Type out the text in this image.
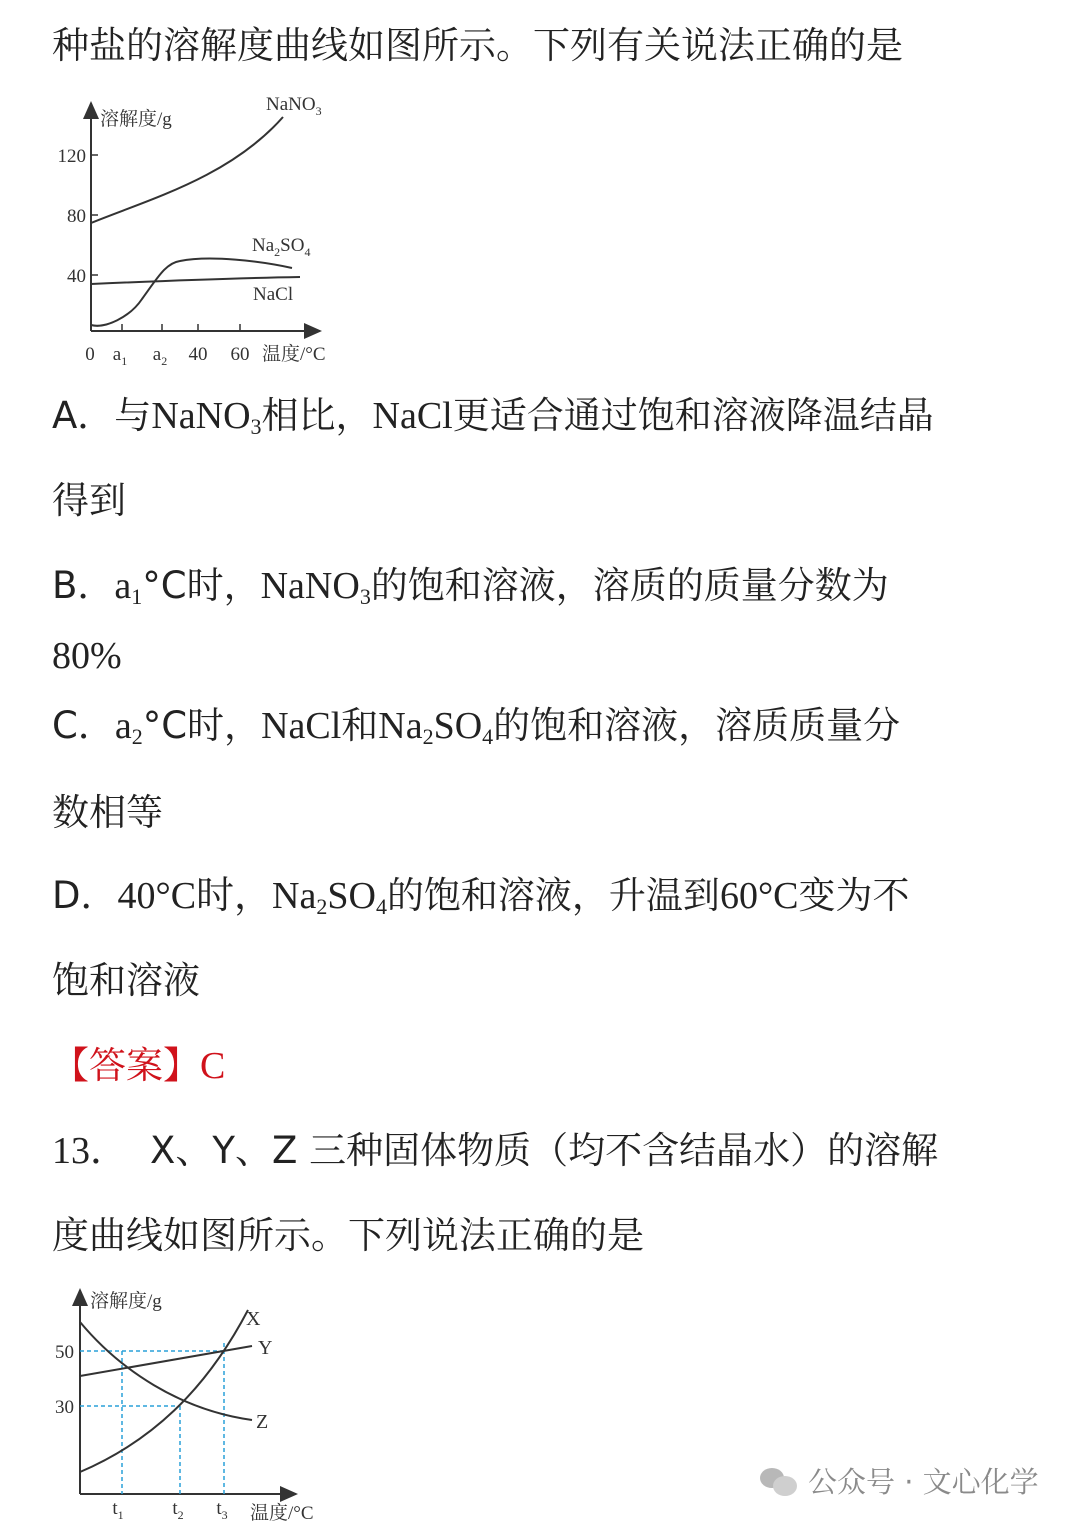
种盐的溶解度曲线如图所示。下列有关说法正确的是
溶解度/g
120
80
40
0 $a_1$ $a_2$ 40 60 温度/°C
NaNO$_3$
$Na_2SO_4$
NaCl
A．与NaNO$_3$相比，NaCl更适合通过饱和溶液降温结晶
得到
B．$a_1^\circ C$时，NaNO$_3$的饱和溶液，溶质的质量分数为
80%
C．$a_2^\circ C$时，NaCl和$Na_2SO_4$的饱和溶液，溶质质量分
数相等
D．40°C时，$Na_2SO_4$的饱和溶液，升温到60°C变为不
饱和溶液
【答案】C
13． X、Y、Z 三种固体物质（均不含结晶水）的溶解
度曲线如图所示。下列说法正确的是
溶解度/g
50
30
X
Y
Z
$t_1$	$t_2$ $t_3$ 温度/°C
公众号 · 文心化学
